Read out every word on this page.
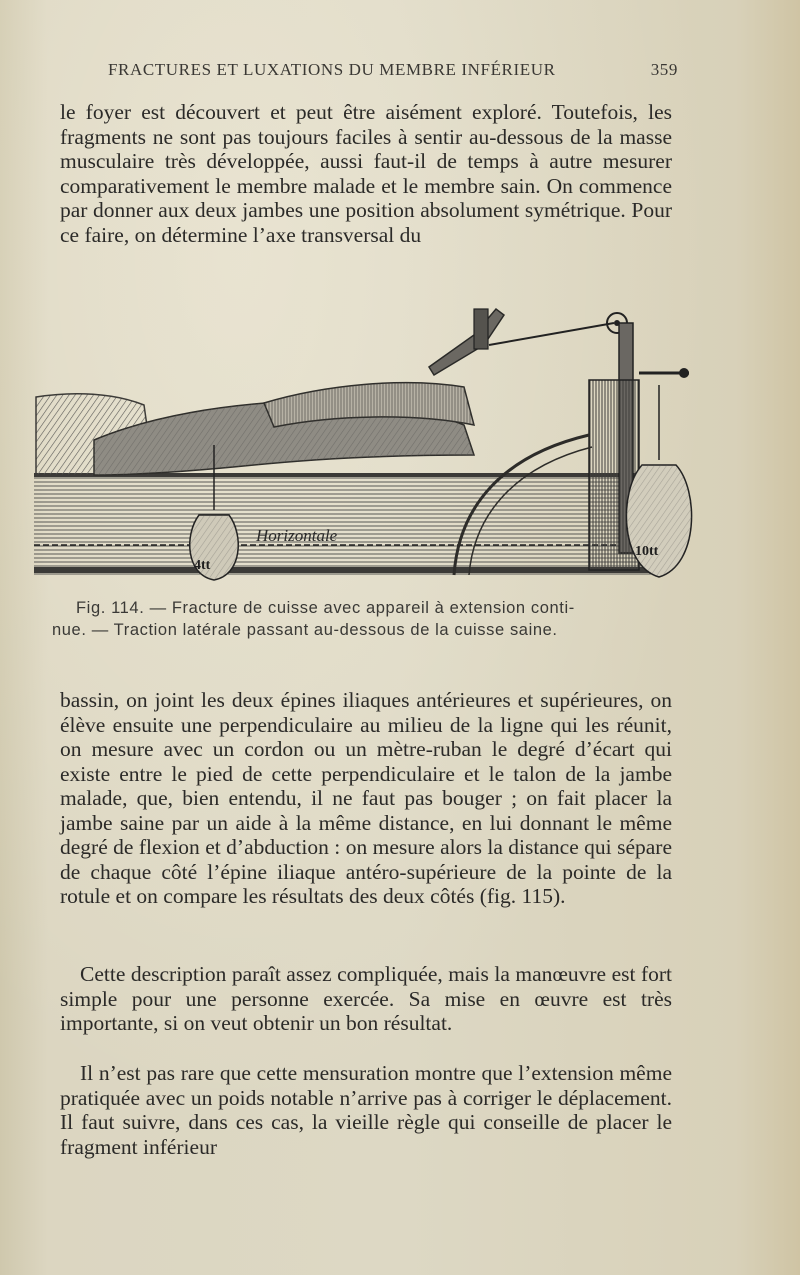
FRACTURES ET LUXATIONS DU MEMBRE INFÉRIEUR	359

le foyer est découvert et peut être aisément exploré. Toutefois, les fragments ne sont pas toujours faciles à sentir au-dessous de la masse musculaire très développée, aussi faut-il de temps à autre mesurer comparativement le membre malade et le membre sain. On commence par donner aux deux jambes une position absolument symétrique. Pour ce faire, on détermine l’axe transversal du

4tt
10tt
Horizontale

Fig. 114. — Fracture de cuisse avec appareil à extension conti-
nue. — Traction latérale passant au-dessous de la cuisse saine.

bassin, on joint les deux épines iliaques antérieures et supérieures, on élève ensuite une perpendiculaire au milieu de la ligne qui les réunit, on mesure avec un cordon ou un mètre-ruban le degré d’écart qui existe entre le pied de cette perpendiculaire et le talon de la jambe malade, que, bien entendu, il ne faut pas bouger ; on fait placer la jambe saine par un aide à la même distance, en lui donnant le même degré de flexion et d’abduction : on mesure alors la distance qui sépare de chaque côté l’épine iliaque antéro-supérieure de la pointe de la rotule et on compare les résultats des deux côtés (fig. 115).

Cette description paraît assez compliquée, mais la manœuvre est fort simple pour une personne exercée. Sa mise en œuvre est très importante, si on veut obtenir un bon résultat.

Il n’est pas rare que cette mensuration montre que l’extension même pratiquée avec un poids notable n’arrive pas à corriger le déplacement. Il faut suivre, dans ces cas, la vieille règle qui conseille de placer le fragment inférieur
